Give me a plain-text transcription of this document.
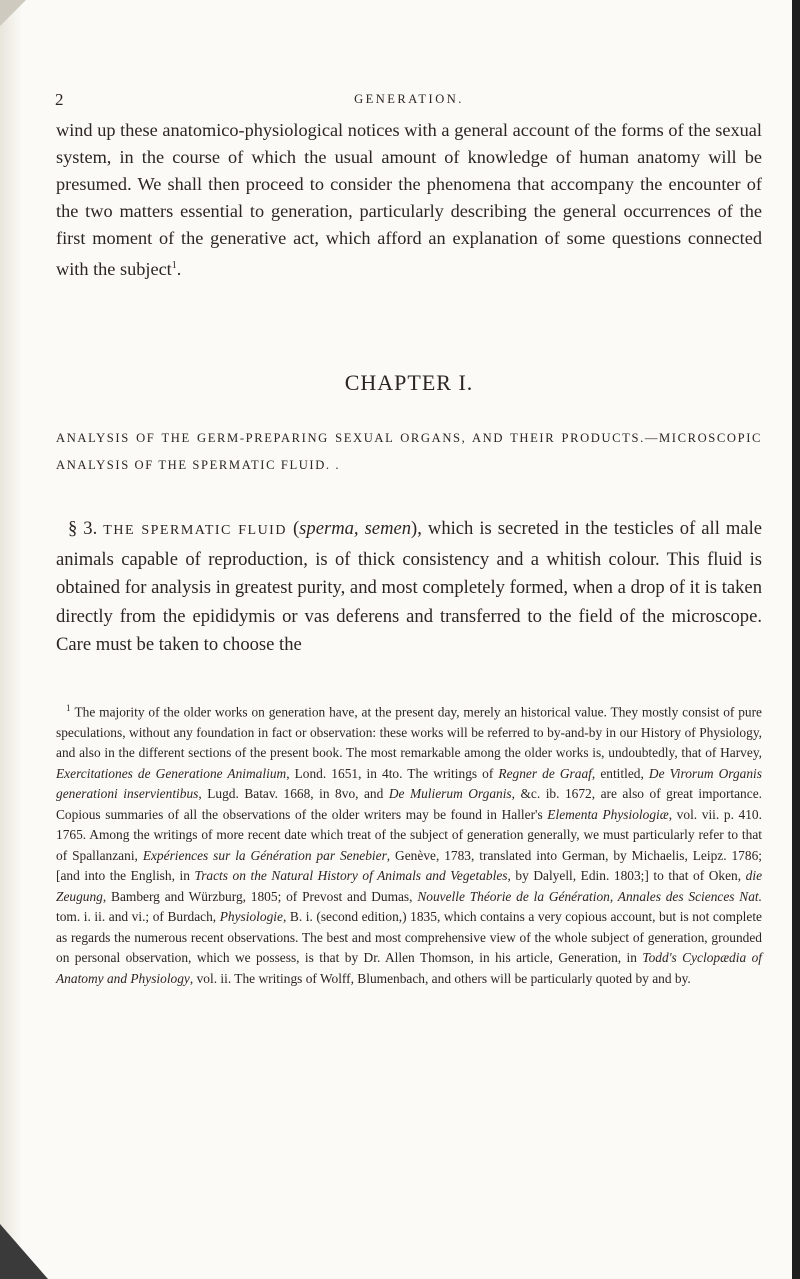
2	GENERATION.

wind up these anatomico-physiological notices with a general account of the forms of the sexual system, in the course of which the usual amount of knowledge of human anatomy will be presumed. We shall then proceed to consider the phenomena that accompany the encounter of the two matters essential to generation, particularly describing the general occurrences of the first moment of the generative act, which afford an explanation of some questions connected with the subject$^1$.

CHAPTER I.
ANALYSIS OF THE GERM-PREPARING SEXUAL ORGANS, AND THEIR PRODUCTS.—MICROSCOPIC ANALYSIS OF THE SPERMATIC FLUID. .

§ 3. THE SPERMATIC FLUID (sperma, semen), which is secreted in the testicles of all male animals capable of reproduction, is of thick consistency and a whitish colour. This fluid is obtained for analysis in greatest purity, and most completely formed, when a drop of it is taken directly from the epididymis or vas deferens and transferred to the field of the microscope. Care must be taken to choose the

$^1$ The majority of the older works on generation have, at the present day, merely an historical value. They mostly consist of pure speculations, without any foundation in fact or observation: these works will be referred to by-and-by in our History of Physiology, and also in the different sections of the present book. The most remarkable among the older works is, undoubtedly, that of Harvey, Exercitationes de Generatione Animalium, Lond. 1651, in 4to. The writings of Regner de Graaf, entitled, De Virorum Organis generationi inservientibus, Lugd. Batav. 1668, in 8vo, and De Mulierum Organis, &c. ib. 1672, are also of great importance. Copious summaries of all the observations of the older writers may be found in Haller's Elementa Physiologiæ, vol. vii. p. 410. 1765. Among the writings of more recent date which treat of the subject of generation generally, we must particularly refer to that of Spallanzani, Expériences sur la Génération par Senebier, Genève, 1783, translated into German, by Michaelis, Leipz. 1786; [and into the English, in Tracts on the Natural History of Animals and Vegetables, by Dalyell, Edin. 1803;] to that of Oken, die Zeugung, Bamberg and Würzburg, 1805; of Prevost and Dumas, Nouvelle Théorie de la Génération, Annales des Sciences Nat. tom. i. ii. and vi.; of Burdach, Physiologie, B. i. (second edition,) 1835, which contains a very copious account, but is not complete as regards the numerous recent observations. The best and most comprehensive view of the whole subject of generation, grounded on personal observation, which we possess, is that by Dr. Allen Thomson, in his article, Generation, in Todd's Cyclopædia of Anatomy and Physiology, vol. ii. The writings of Wolff, Blumenbach, and others will be particularly quoted by and by.
